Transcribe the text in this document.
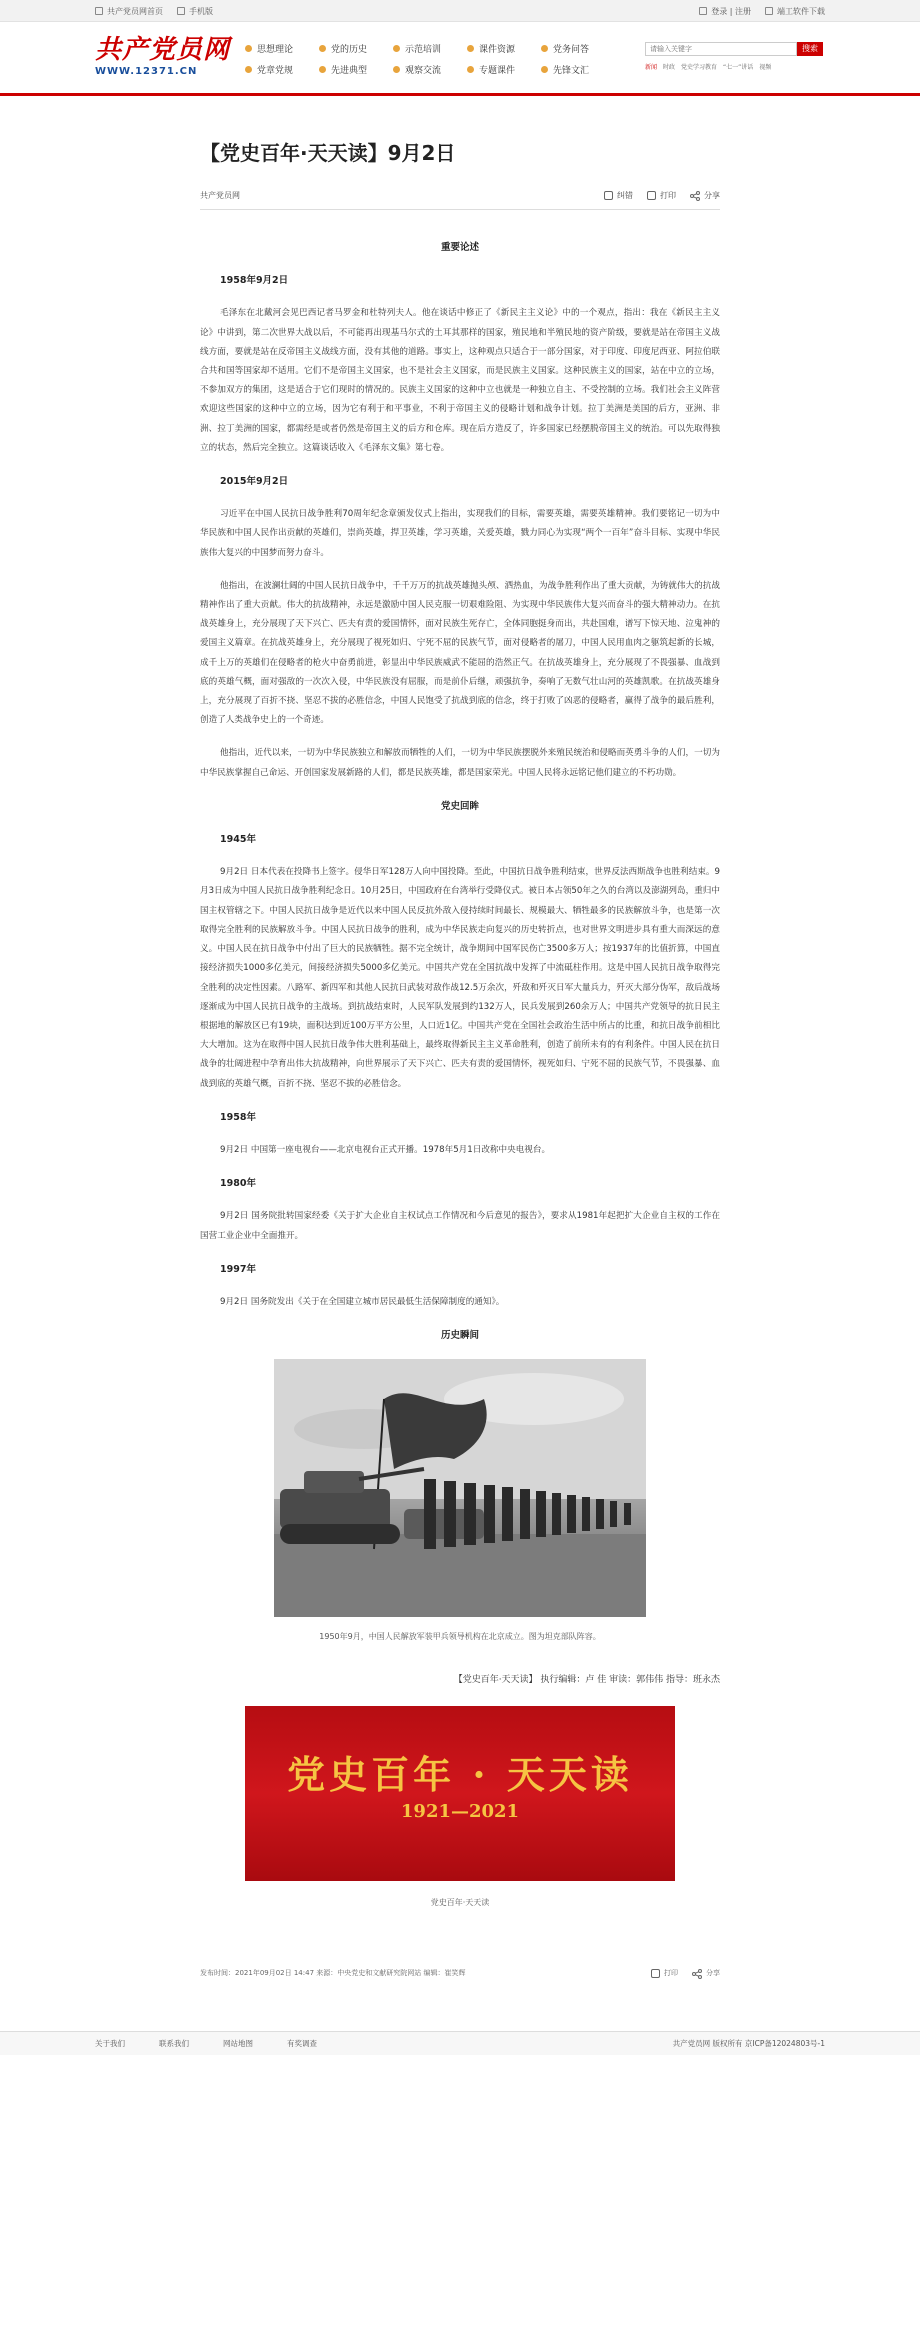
共产党员网首页	手机版	登录 | 注册	端工软件下载
共产党员网
WWW.12371.CN
思想理论	党的历史	示范培训	课件资源	党务问答
党章党规	先进典型	观察交流	专题课件	先锋文汇
请输入关键字
搜索
新闻 时政 党史学习教育 “七一”讲话 视频
【党史百年·天天读】9月2日
共产党员网	纠错	打印	分享
重要论述
1958年9月2日

毛泽东在北戴河会见巴西记者马罗金和杜特列夫人。他在谈话中修正了《新民主主义论》中的一个观点，指出：我在《新民主主义论》中讲到，第二次世界大战以后，不可能再出现基马尔式的土耳其那样的国家，殖民地和半殖民地的资产阶级，要就是站在帝国主义战线方面，要就是站在反帝国主义战线方面，没有其他的道路。事实上，这种观点只适合于一部分国家，对于印度、印度尼西亚、阿拉伯联合共和国等国家却不适用。它们不是帝国主义国家，也不是社会主义国家，而是民族主义国家。这种民族主义的国家，站在中立的立场，不参加双方的集团，这是适合于它们现时的情况的。民族主义国家的这种中立也就是一种独立自主、不受控制的立场。我们社会主义阵营欢迎这些国家的这种中立的立场，因为它有利于和平事业，不利于帝国主义的侵略计划和战争计划。拉丁美洲是美国的后方，亚洲、非洲、拉丁美洲的国家，都需经是或者仍然是帝国主义的后方和仓库。现在后方造反了，许多国家已经摆脱帝国主义的统治。可以先取得独立的状态，然后完全独立。这篇谈话收入《毛泽东文集》第七卷。

2015年9月2日

习近平在中国人民抗日战争胜利70周年纪念章颁发仪式上指出，实现我们的目标，需要英雄，需要英雄精神。我们要铭记一切为中华民族和中国人民作出贡献的英雄们，崇尚英雄，捍卫英雄，学习英雄，关爱英雄，戮力同心为实现“两个一百年”奋斗目标、实现中华民族伟大复兴的中国梦而努力奋斗。

他指出，在波澜壮阔的中国人民抗日战争中，千千万万的抗战英雄抛头颅、洒热血，为战争胜利作出了重大贡献，为铸就伟大的抗战精神作出了重大贡献。伟大的抗战精神，永远是激励中国人民克服一切艰难险阻、为实现中华民族伟大复兴而奋斗的强大精神动力。在抗战英雄身上，充分展现了天下兴亡、匹夫有责的爱国情怀，面对民族生死存亡，全体同胞挺身而出，共赴国难，谱写下惊天地、泣鬼神的爱国主义篇章。在抗战英雄身上，充分展现了视死如归、宁死不屈的民族气节，面对侵略者的屠刀，中国人民用血肉之躯筑起新的长城，成千上万的英雄们在侵略者的枪火中奋勇前进，彰显出中华民族威武不能屈的浩然正气。在抗战英雄身上，充分展现了不畏强暴、血战到底的英雄气概，面对强敌的一次次入侵，中华民族没有屈服，而是前仆后继，顽强抗争，奏响了无数气壮山河的英雄凯歌。在抗战英雄身上，充分展现了百折不挠、坚忍不拔的必胜信念，中国人民饱受了抗战到底的信念，终于打败了凶恶的侵略者，赢得了战争的最后胜利，创造了人类战争史上的一个奇迹。

他指出，近代以来，一切为中华民族独立和解放而牺牲的人们，一切为中华民族摆脱外来殖民统治和侵略而英勇斗争的人们，一切为中华民族掌握自己命运、开创国家发展新路的人们，都是民族英雄，都是国家荣光。中国人民将永远铭记他们建立的不朽功勋。

党史回眸
1945年

9月2日 日本代表在投降书上签字。侵华日军128万人向中国投降。至此，中国抗日战争胜利结束，世界反法西斯战争也胜利结束。9月3日成为中国人民抗日战争胜利纪念日。10月25日，中国政府在台湾举行受降仪式。被日本占领50年之久的台湾以及澎湖列岛，重归中国主权管辖之下。中国人民抗日战争是近代以来中国人民反抗外敌入侵持续时间最长、规模最大、牺牲最多的民族解放斗争，也是第一次取得完全胜利的民族解放斗争。中国人民抗日战争的胜利，成为中华民族走向复兴的历史转折点，也对世界文明进步具有重大而深远的意义。中国人民在抗日战争中付出了巨大的民族牺牲。据不完全统计，战争期间中国军民伤亡3500多万人；按1937年的比值折算，中国直接经济损失1000多亿美元，间接经济损失5000多亿美元。中国共产党在全国抗战中发挥了中流砥柱作用。这是中国人民抗日战争取得完全胜利的决定性因素。八路军、新四军和其他人民抗日武装对敌作战12.5万余次，歼敌和歼灭日军大量兵力，歼灭大部分伪军，敌后战场逐渐成为中国人民抗日战争的主战场。到抗战结束时，人民军队发展到约132万人，民兵发展到260余万人；中国共产党领导的抗日民主根据地的解放区已有19块，面积达到近100万平方公里，人口近1亿。中国共产党在全国社会政治生活中所占的比重，和抗日战争前相比大大增加。这为在取得中国人民抗日战争伟大胜利基础上，最终取得新民主主义革命胜利，创造了前所未有的有利条件。中国人民在抗日战争的壮阔进程中孕育出伟大抗战精神，向世界展示了天下兴亡、匹夫有责的爱国情怀，视死如归、宁死不屈的民族气节，不畏强暴、血战到底的英雄气概，百折不挠、坚忍不拔的必胜信念。

1958年

9月2日 中国第一座电视台——北京电视台正式开播。1978年5月1日改称中央电视台。

1980年

9月2日 国务院批转国家经委《关于扩大企业自主权试点工作情况和今后意见的报告》，要求从1981年起把扩大企业自主权的工作在国营工业企业中全面推开。

1997年

9月2日 国务院发出《关于在全国建立城市居民最低生活保障制度的通知》。

历史瞬间
1950年9月，中国人民解放军装甲兵领导机构在北京成立。图为坦克部队阵容。
【党史百年·天天读】 执行编辑：卢 佳 审读：郭伟伟 指导：班永杰
党史百年 · 天天读
1921—2021
党史百年·天天读
发布时间：2021年09月02日 14:47 来源：中央党史和文献研究院网站 编辑：崔笑辉	打印	分享
关于我们	联系我们	网站地图	有奖调查	共产党员网 版权所有 京ICP备12024803号-1
